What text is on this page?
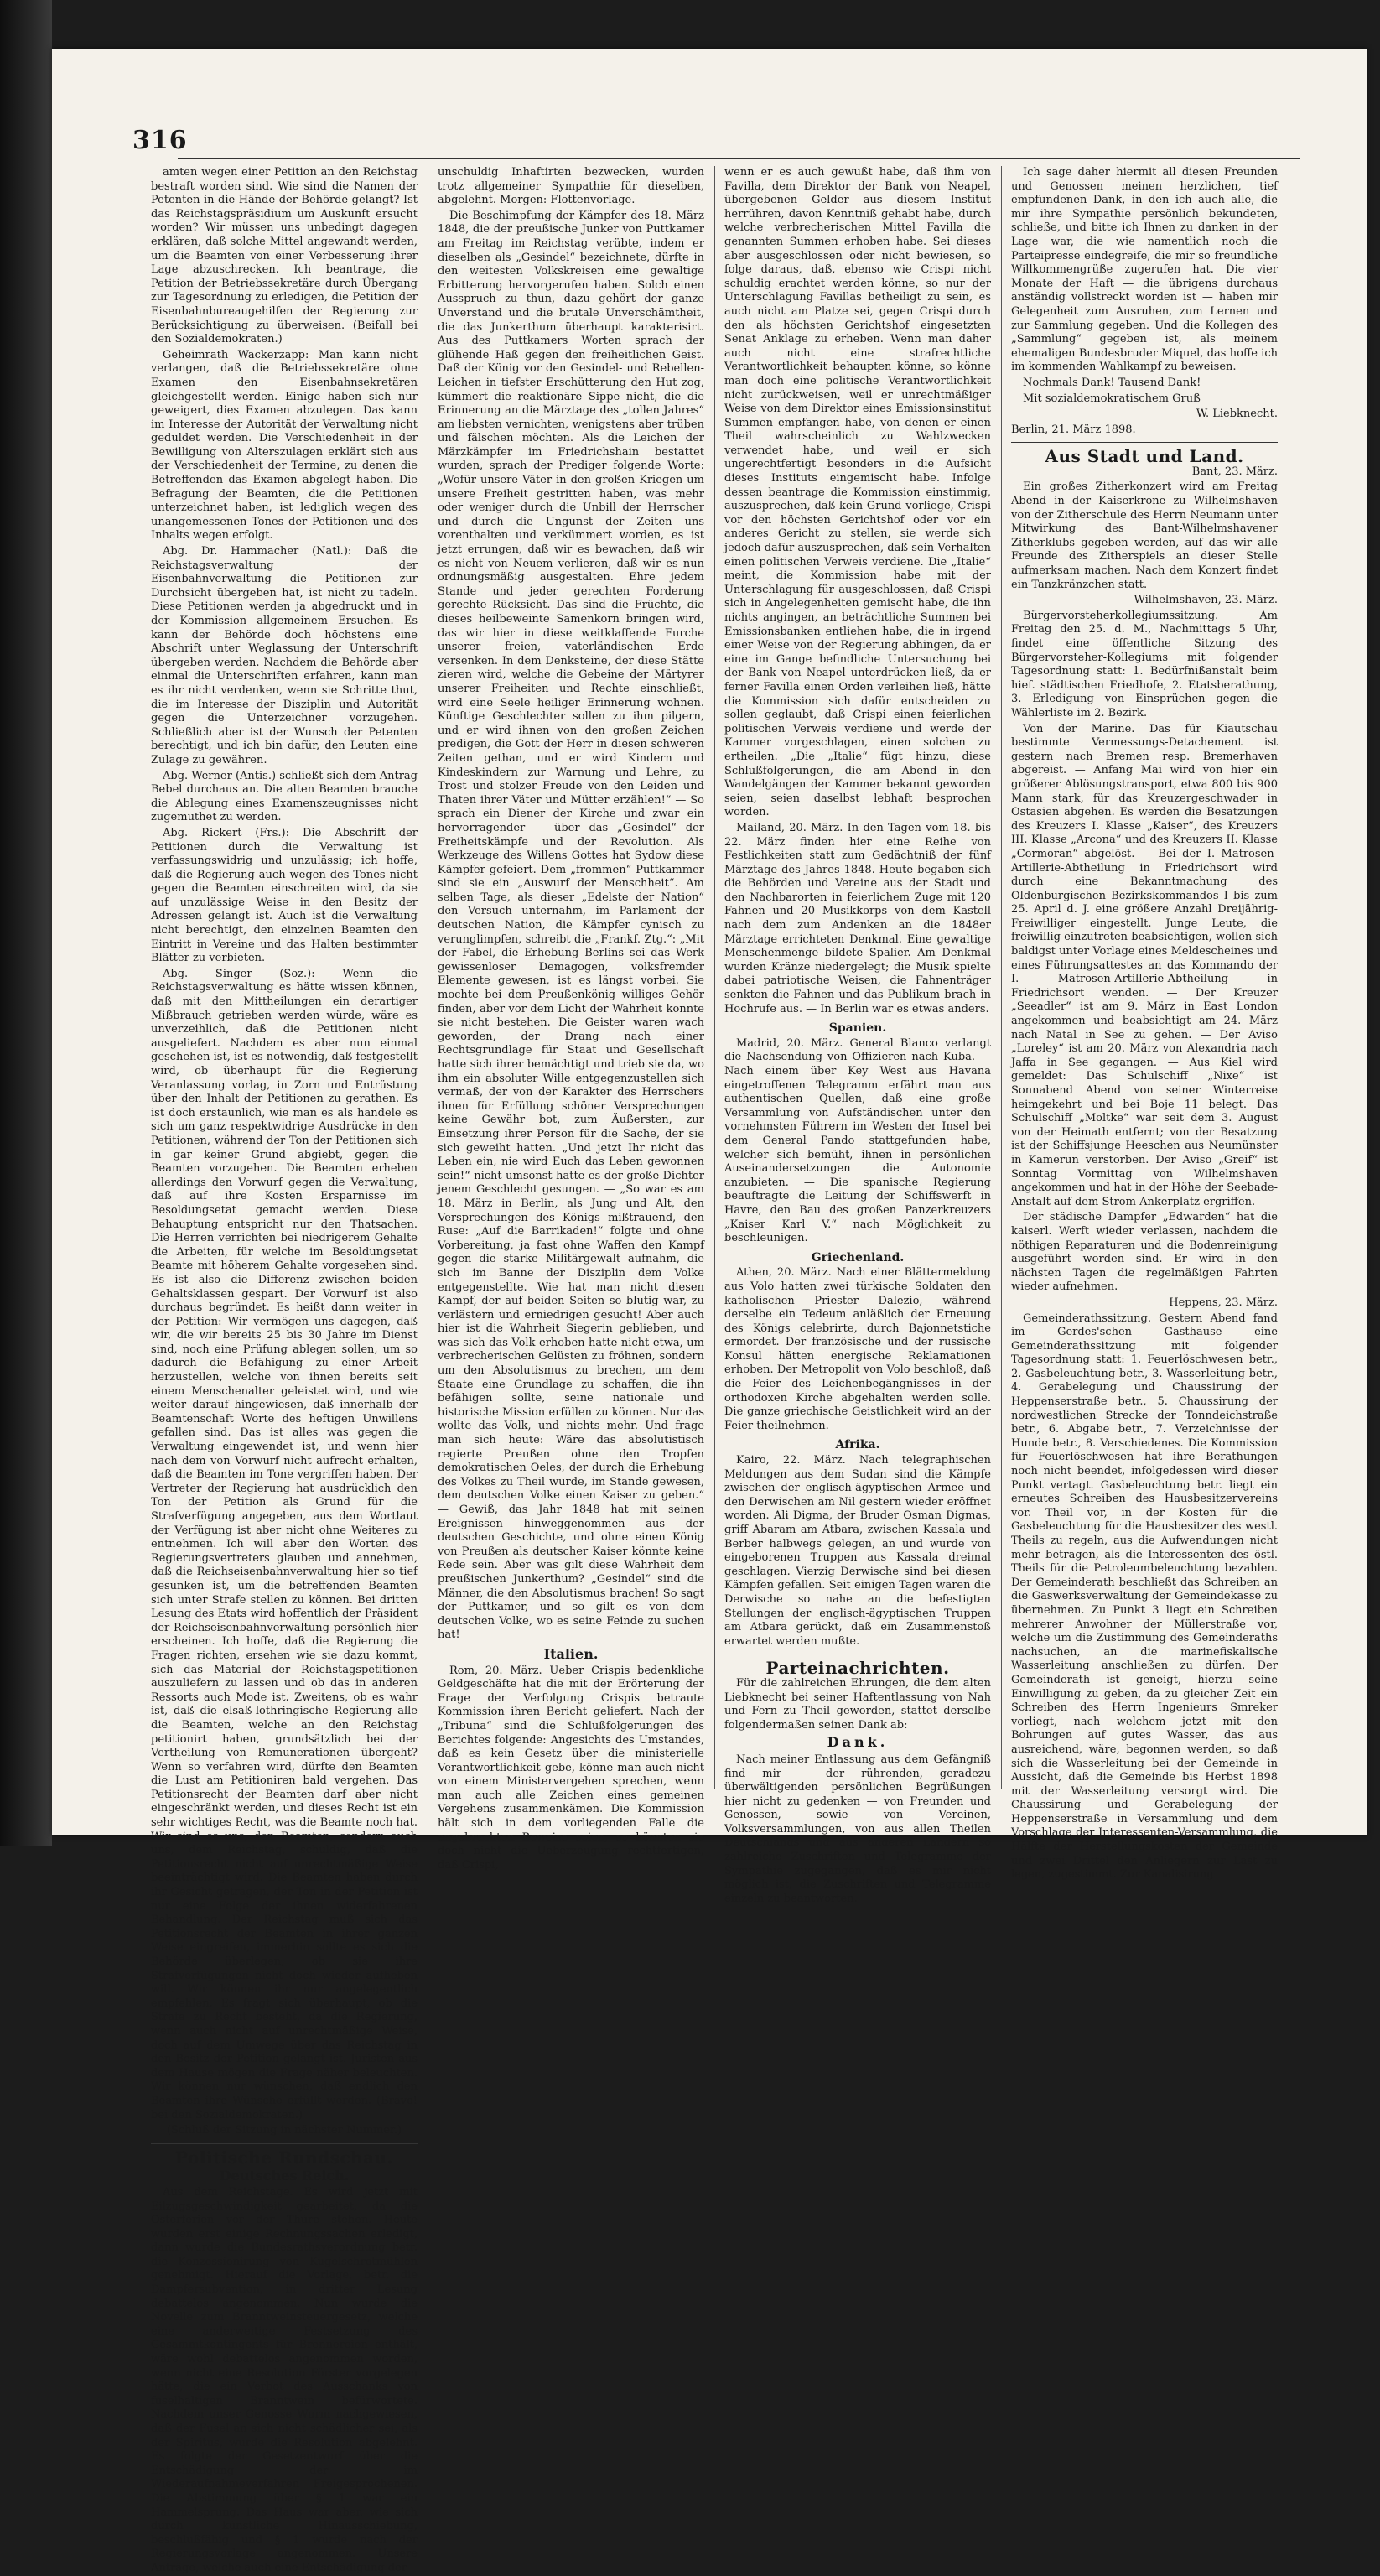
316

amten wegen einer Petition an den Reichstag bestraft worden sind. Wie sind die Namen der Petenten in die Hände der Behörde gelangt? Ist das Reichstagspräsidium um Auskunft ersucht worden? Wir müssen uns unbedingt dagegen erklären, daß solche Mittel angewandt werden, um die Beamten von einer Verbesserung ihrer Lage abzuschrecken. Ich beantrage, die Petition der Betriebssekretäre durch Übergang zur Tagesordnung zu erledigen, die Petition der Eisenbahnbureaugehilfen der Regierung zur Berücksichtigung zu überweisen. (Beifall bei den Sozialdemokraten.)

Geheimrath Wackerzapp: Man kann nicht verlangen, daß die Betriebssekretäre ohne Examen den Eisenbahnsekretären gleichgestellt werden. Einige haben sich nur geweigert, dies Examen abzulegen. Das kann im Interesse der Autorität der Verwaltung nicht geduldet werden. Die Verschiedenheit in der Bewilligung von Alterszulagen erklärt sich aus der Verschiedenheit der Termine, zu denen die Betreffenden das Examen abgelegt haben. Die Befragung der Beamten, die die Petitionen unterzeichnet haben, ist lediglich wegen des unangemessenen Tones der Petitionen und des Inhalts wegen erfolgt.

Abg. Dr. Hammacher (Natl.): Daß die Reichstagsverwaltung der Eisenbahnverwaltung die Petitionen zur Durchsicht übergeben hat, ist nicht zu tadeln. Diese Petitionen werden ja abgedruckt und in der Kommission allgemeinem Ersuchen. Es kann der Behörde doch höchstens eine Abschrift unter Weglassung der Unterschrift übergeben werden. Nachdem die Behörde aber einmal die Unterschriften erfahren, kann man es ihr nicht verdenken, wenn sie Schritte thut, die im Interesse der Disziplin und Autorität gegen die Unterzeichner vorzugehen. Schließlich aber ist der Wunsch der Petenten berechtigt, und ich bin dafür, den Leuten eine Zulage zu gewähren.

Abg. Werner (Antis.) schließt sich dem Antrag Bebel durchaus an. Die alten Beamten brauche die Ablegung eines Examenszeugnisses nicht zugemuthet zu werden.

Abg. Rickert (Frs.): Die Abschrift der Petitionen durch die Verwaltung ist verfassungswidrig und unzulässig; ich hoffe, daß die Regierung auch wegen des Tones nicht gegen die Beamten einschreiten wird, da sie auf unzulässige Weise in den Besitz der Adressen gelangt ist. Auch ist die Verwaltung nicht berechtigt, den einzelnen Beamten den Eintritt in Vereine und das Halten bestimmter Blätter zu verbieten.

Abg. Singer (Soz.): Wenn die Reichstagsverwaltung es hätte wissen können, daß mit den Mittheilungen ein derartiger Mißbrauch getrieben werden würde, wäre es unverzeihlich, daß die Petitionen nicht ausgeliefert. Nachdem es aber nun einmal geschehen ist, ist es notwendig, daß festgestellt wird, ob überhaupt für die Regierung Veranlassung vorlag, in Zorn und Entrüstung über den Inhalt der Petitionen zu gerathen. Es ist doch erstaunlich, wie man es als handele es sich um ganz respektwidrige Ausdrücke in den Petitionen, während der Ton der Petitionen sich in gar keiner Grund abgiebt, gegen die Beamten vorzugehen. Die Beamten erheben allerdings den Vorwurf gegen die Verwaltung, daß auf ihre Kosten Ersparnisse im Besoldungsetat gemacht werden. Diese Behauptung entspricht nur den Thatsachen. Die Herren verrichten bei niedrigerem Gehalte die Arbeiten, für welche im Besoldungsetat Beamte mit höherem Gehalte vorgesehen sind. Es ist also die Differenz zwischen beiden Gehaltsklassen gespart. Der Vorwurf ist also durchaus begründet. Es heißt dann weiter in der Petition: Wir vermögen uns dagegen, daß wir, die wir bereits 25 bis 30 Jahre im Dienst sind, noch eine Prüfung ablegen sollen, um so dadurch die Befähigung zu einer Arbeit herzustellen, welche von ihnen bereits seit einem Menschenalter geleistet wird, und wie weiter darauf hingewiesen, daß innerhalb der Beamtenschaft Worte des heftigen Unwillens gefallen sind. Das ist alles was gegen die Verwaltung eingewendet ist, und wenn hier nach dem von Vorwurf nicht aufrecht erhalten, daß die Beamten im Tone vergriffen haben. Der Vertreter der Regierung hat ausdrücklich den Ton der Petition als Grund für die Strafverfügung angegeben, aus dem Wortlaut der Verfügung ist aber nicht ohne Weiteres zu entnehmen. Ich will aber den Worten des Regierungsvertreters glauben und annehmen, daß die Reichseisenbahnverwaltung hier so tief gesunken ist, um die betreffenden Beamten sich unter Strafe stellen zu können. Bei dritten Lesung des Etats wird hoffentlich der Präsident der Reichseisenbahnverwaltung persönlich hier erscheinen. Ich hoffe, daß die Regierung die Fragen richten, ersehen wie sie dazu kommt, sich das Material der Reichstagspetitionen auszuliefern zu lassen und ob das in anderen Ressorts auch Mode ist. Zweitens, ob es wahr ist, daß die elsaß-lothringische Regierung alle die Beamten, welche an den Reichstag petitionirt haben, grundsätzlich bei der Vertheilung von Remunerationen übergeht? Wenn so verfahren wird, dürfte den Beamten die Lust am Petitioniren bald vergehen. Das Petitionsrecht der Beamten darf aber nicht eingeschränkt werden, und dieses Recht ist ein sehr wichtiges Recht, was die Beamte noch hat. Wir sind es uns, den Beamten, sondern auch uns, dem Reichstag, schuldig, daß die Petitionsrecht nicht auf unrechtmäßige Weise beeinträchtigt wird. Die Beamten haben durch ihr Gesicht getragen, der Ton in der Petition ist nur eine Folge der ihnen widerfahrenen Behandlung. Der Reichstag muß sich das Petitionsrecht der Beamten in ihrer ganzen Weise eingreifen, immerhin sollte es sich die Behörde überlegen, ob sie ihre Strafverfügungen nicht doch wieder aufheben will. Wir können ihr nur angelegentlich empfehlen. Es fragt sich überhaupt, ob die Strafe zu Recht besteht, da die Regierung, wenn auch nicht auf unrechtmäßige Weise, doch auf dem Umwege über das Reichstag in den Besitz der Petition gelangt ist. Juristen aus dem Hause mögen die Frage näher beleuchten. Wir können nur wünschen, daß endlich den Beamten ihre Wünsche erfüllt werden. (Bravo! bei den Sozialdemokraten.)

(Schluß der Sitzung in nächster Nummer.)

Politische Rundschau.
Deutsches Reich.

Aus dem Reichstage. Es wird jetzt mit Eilzugsgeschwindigkeit gearbeitet, da die Osterferien vor der Thüre stehen. Heute wurden erst einige Rechnungssachen erledigt, dann wurde die Bundesrathsverordnung betr. die Konzessionirung von Kugelschrotmühlen genehmigt. Hierauf die Vorlage, betr. die Dampfersubvention, in dritter Lesung debattelos angenommen. Nun wurde die Novelle zum Branntweinsteuergesetz, welche eine anderweitige Festsetzung des Gesammtkontingents für Brennereien enthält, wäre wohl debattelos angenommen worden, wenn nicht eine Resolution Förster vorgelegen hätte, die ein Verbot des Ausschanks von fuselhaltigen Branntwein befürwortete. Nachdem unser Genosse Wurm nachgewiesen, daß der Fusel an sich nicht schädlicher sei, als der Spiritus, wurde die Resolution abgelehnt. Es folgte der Gesetzentwurf über die Entschädigung der im Wiederaufnahmeverfahren Freigesprochenen. Die Abstimmung über § 1 war ein Hammelsprung. Das Haus war aber, wie sich durch künstliche Hinausschiebung, beschlußfähig und § 1 wurde nach der Regierungsvorlage angenommen. Unsere Anträge, welche auch eine Entschädigung der

unschuldig Inhaftirten bezwecken, wurden trotz allgemeiner Sympathie für dieselben, abgelehnt. Morgen: Flottenvorlage.

Die Beschimpfung der Kämpfer des 18. März 1848, die der preußische Junker von Puttkamer am Freitag im Reichstag verübte, indem er dieselben als „Gesindel“ bezeichnete, dürfte in den weitesten Volkskreisen eine gewaltige Erbitterung hervorgerufen haben. Solch einen Ausspruch zu thun, dazu gehört der ganze Unverstand und die brutale Unverschämtheit, die das Junkerthum überhaupt karakterisirt. Aus des Puttkamers Worten sprach der glühende Haß gegen den freiheitlichen Geist. Daß der König vor den Gesindel- und Rebellen-Leichen in tiefster Erschütterung den Hut zog, kümmert die reaktionäre Sippe nicht, die die Erinnerung an die Märztage des „tollen Jahres“ am liebsten vernichten, wenigstens aber trüben und fälschen möchten. Als die Leichen der Märzkämpfer im Friedrichshain bestattet wurden, sprach der Prediger folgende Worte: „Wofür unsere Väter in den großen Kriegen um unsere Freiheit gestritten haben, was mehr oder weniger durch die Unbill der Herrscher und durch die Ungunst der Zeiten uns vorenthalten und verkümmert worden, es ist jetzt errungen, daß wir es bewachen, daß wir es nicht von Neuem verlieren, daß wir es nun ordnungsmäßig ausgestalten. Ehre jedem Stande und jeder gerechten Forderung gerechte Rücksicht. Das sind die Früchte, die dieses heilbeweinte Samenkorn bringen wird, das wir hier in diese weitklaffende Furche unserer freien, vaterländischen Erde versenken. In dem Denksteine, der diese Stätte zieren wird, welche die Gebeine der Märtyrer unserer Freiheiten und Rechte einschließt, wird eine Seele heiliger Erinnerung wohnen. Künftige Geschlechter sollen zu ihm pilgern, und er wird ihnen von den großen Zeichen predigen, die Gott der Herr in diesen schweren Zeiten gethan, und er wird Kindern und Kindeskindern zur Warnung und Lehre, zu Trost und stolzer Freude von den Leiden und Thaten ihrer Väter und Mütter erzählen!“ — So sprach ein Diener der Kirche und zwar ein hervorragender — über das „Gesindel“ der Freiheitskämpfe und der Revolution. Als Werkzeuge des Willens Gottes hat Sydow diese Kämpfer gefeiert. Dem „frommen“ Puttkammer sind sie ein „Auswurf der Menschheit“. Am selben Tage, als dieser „Edelste der Nation“ den Versuch unternahm, im Parlament der deutschen Nation, die Kämpfer cynisch zu verunglimpfen, schreibt die „Frankf. Ztg.“: „Mit der Fabel, die Erhebung Berlins sei das Werk gewissenloser Demagogen, volksfremder Elemente gewesen, ist es längst vorbei. Sie mochte bei dem Preußenkönig williges Gehör finden, aber vor dem Licht der Wahrheit konnte sie nicht bestehen. Die Geister waren wach geworden, der Drang nach einer Rechtsgrundlage für Staat und Gesellschaft hatte sich ihrer bemächtigt und trieb sie da, wo ihm ein absoluter Wille entgegenzustellen sich vermaß, der von der Karakter des Herrschers ihnen für Erfüllung schöner Versprechungen keine Gewähr bot, zum Äußersten, zur Einsetzung ihrer Person für die Sache, der sie sich geweiht hatten. „Und jetzt Ihr nicht das Leben ein, nie wird Euch das Leben gewonnen sein!“ nicht umsonst hatte es der große Dichter jenem Geschlecht gesungen. — „So war es am 18. März in Berlin, als Jung und Alt, den Versprechungen des Königs mißtrauend, den Ruse: „Auf die Barrikaden!“ folgte und ohne Vorbereitung, ja fast ohne Waffen den Kampf gegen die starke Militärgewalt aufnahm, die sich im Banne der Disziplin dem Volke entgegenstellte. Wie hat man nicht diesen Kampf, der auf beiden Seiten so blutig war, zu verlästern und erniedrigen gesucht! Aber auch hier ist die Wahrheit Siegerin geblieben, und was sich das Volk erhoben hatte nicht etwa, um verbrecherischen Gelüsten zu fröhnen, sondern um den Absolutismus zu brechen, um dem Staate eine Grundlage zu schaffen, die ihn befähigen sollte, seine nationale und historische Mission erfüllen zu können. Nur das wollte das Volk, und nichts mehr. Und frage man sich heute: Wäre das absolutistisch regierte Preußen ohne den Tropfen demokratischen Oeles, der durch die Erhebung des Volkes zu Theil wurde, im Stande gewesen, dem deutschen Volke einen Kaiser zu geben.“ — Gewiß, das Jahr 1848 hat mit seinen Ereignissen hinweggenommen aus der deutschen Geschichte, und ohne einen König von Preußen als deutscher Kaiser könnte keine Rede sein. Aber was gilt diese Wahrheit dem preußischen Junkerthum? „Gesindel“ sind die Männer, die den Absolutismus brachen! So sagt der Puttkamer, und so gilt es von dem deutschen Volke, wo es seine Feinde zu suchen hat!

Italien.

Rom, 20. März. Ueber Crispis bedenkliche Geldgeschäfte hat die mit der Erörterung der Frage der Verfolgung Crispis betraute Kommission ihren Bericht geliefert. Nach der „Tribuna“ sind die Schlußfolgerungen des Berichtes folgende: Angesichts des Umstandes, daß es kein Gesetz über die ministerielle Verantwortlichkeit gebe, könne man auch nicht von einem Ministervergehen sprechen, wenn man auch alle Zeichen eines gemeinen Vergehens zusammenkämen. Die Kommission hält sich in dem vorliegenden Falle die angebrachten Beweise seien, so könnten sie doch nicht die Ueberzeugung rechtfertigen, daß Crispi,

wenn er es auch gewußt habe, daß ihm von Favilla, dem Direktor der Bank von Neapel, übergebenen Gelder aus diesem Institut herrühren, davon Kenntniß gehabt habe, durch welche verbrecherischen Mittel Favilla die genannten Summen erhoben habe. Sei dieses aber ausgeschlossen oder nicht bewiesen, so folge daraus, daß, ebenso wie Crispi nicht schuldig erachtet werden könne, so nur der Unterschlagung Favillas betheiligt zu sein, es auch nicht am Platze sei, gegen Crispi durch den als höchsten Gerichtshof eingesetzten Senat Anklage zu erheben. Wenn man daher auch nicht eine strafrechtliche Verantwortlichkeit behaupten könne, so könne man doch eine politische Verantwortlichkeit nicht zurückweisen, weil er unrechtmäßiger Weise von dem Direktor eines Emissionsinstitut Summen empfangen habe, von denen er einen Theil wahrscheinlich zu Wahlzwecken verwendet habe, und weil er sich ungerechtfertigt besonders in die Aufsicht dieses Instituts eingemischt habe. Infolge dessen beantrage die Kommission einstimmig, auszusprechen, daß kein Grund vorliege, Crispi vor den höchsten Gerichtshof oder vor ein anderes Gericht zu stellen, sie werde sich jedoch dafür auszusprechen, daß sein Verhalten einen politischen Verweis verdiene. Die „Italie“ meint, die Kommission habe mit der Unterschlagung für ausgeschlossen, daß Crispi sich in Angelegenheiten gemischt habe, die ihn nichts angingen, an beträchtliche Summen bei Emissionsbanken entliehen habe, die in irgend einer Weise von der Regierung abhingen, da er eine im Gange befindliche Untersuchung bei der Bank von Neapel unterdrücken ließ, da er ferner Favilla einen Orden verleihen ließ, hätte die Kommission sich dafür entscheiden zu sollen geglaubt, daß Crispi einen feierlichen politischen Verweis verdiene und werde der Kammer vorgeschlagen, einen solchen zu ertheilen. „Die „Italie“ fügt hinzu, diese Schlußfolgerungen, die am Abend in den Wandelgängen der Kammer bekannt geworden seien, seien daselbst lebhaft besprochen worden.

Mailand, 20. März. In den Tagen vom 18. bis 22. März finden hier eine Reihe von Festlichkeiten statt zum Gedächtniß der fünf Märztage des Jahres 1848. Heute begaben sich die Behörden und Vereine aus der Stadt und den Nachbarorten in feierlichem Zuge mit 120 Fahnen und 20 Musikkorps von dem Kastell nach dem zum Andenken an die 1848er Märztage errichteten Denkmal. Eine gewaltige Menschenmenge bildete Spalier. Am Denkmal wurden Kränze niedergelegt; die Musik spielte dabei patriotische Weisen, die Fahnenträger senkten die Fahnen und das Publikum brach in Hochrufe aus. — In Berlin war es etwas anders.

Spanien.

Madrid, 20. März. General Blanco verlangt die Nachsendung von Offizieren nach Kuba. — Nach einem über Key West aus Havana eingetroffenen Telegramm erfährt man aus authentischen Quellen, daß eine große Versammlung von Aufständischen unter den vornehmsten Führern im Westen der Insel bei dem General Pando stattgefunden habe, welcher sich bemüht, ihnen in persönlichen Auseinandersetzungen die Autonomie anzubieten. — Die spanische Regierung beauftragte die Leitung der Schiffswerft in Havre, den Bau des großen Panzerkreuzers „Kaiser Karl V.“ nach Möglichkeit zu beschleunigen.

Griechenland.

Athen, 20. März. Nach einer Blättermeldung aus Volo hatten zwei türkische Soldaten den katholischen Priester Dalezio, während derselbe ein Tedeum anläßlich der Erneuung des Königs celebrirte, durch Bajonnetstiche ermordet. Der französische und der russische Konsul hätten energische Reklamationen erhoben. Der Metropolit von Volo beschloß, daß die Feier des Leichenbegängnisses in der orthodoxen Kirche abgehalten werden solle. Die ganze griechische Geistlichkeit wird an der Feier theilnehmen.

Afrika.

Kairo, 22. März. Nach telegraphischen Meldungen aus dem Sudan sind die Kämpfe zwischen der englisch-ägyptischen Armee und den Derwischen am Nil gestern wieder eröffnet worden. Ali Digma, der Bruder Osman Digmas, griff Abaram am Atbara, zwischen Kassala und Berber halbwegs gelegen, an und wurde von eingeborenen Truppen aus Kassala dreimal geschlagen. Vierzig Derwische sind bei diesen Kämpfen gefallen. Seit einigen Tagen waren die Derwische so nahe an die befestigten Stellungen der englisch-ägyptischen Truppen am Atbara gerückt, daß ein Zusammenstoß erwartet werden mußte.

Parteinachrichten.

Für die zahlreichen Ehrungen, die dem alten Liebknecht bei seiner Haftentlassung von Nah und Fern zu Theil geworden, stattet derselbe folgendermaßen seinen Dank ab:

Dank.

Nach meiner Entlassung aus dem Gefängniß find mir — der rührenden, geradezu überwältigenden persönlichen Begrüßungen hier nicht zu gedenken — von Freunden und Genossen, sowie von Vereinen, Volksversammlungen, von aus allen Theilen Deutschlands und aus anderen Ländern so zahlreiche Zuschriften und Telegramme der Sympathie zugegangen, daß es mir nicht möglich ist, die Zuschriften und Telegramme einzeln zu beantworten.

Ich sage daher hiermit all diesen Freunden und Genossen meinen herzlichen, tief empfundenen Dank, in den ich auch alle, die mir ihre Sympathie persönlich bekundeten, schließe, und bitte ich Ihnen zu danken in der Lage war, die wie namentlich noch die Parteipresse eindegreife, die mir so freundliche Willkommengrüße zugerufen hat. Die vier Monate der Haft — die übrigens durchaus anständig vollstreckt worden ist — haben mir Gelegenheit zum Ausruhen, zum Lernen und zur Sammlung gegeben. Und die Kollegen des „Sammlung“ gegeben ist, als meinem ehemaligen Bundesbruder Miquel, das hoffe ich im kommenden Wahlkampf zu beweisen.

Nochmals Dank! Tausend Dank!

Mit sozialdemokratischem Gruß

W. Liebknecht.

Berlin, 21. März 1898.

Aus Stadt und Land.

Bant, 23. März.

Ein großes Zitherkonzert wird am Freitag Abend in der Kaiserkrone zu Wilhelmshaven von der Zitherschule des Herrn Neumann unter Mitwirkung des Bant-Wilhelmshavener Zitherklubs gegeben werden, auf das wir alle Freunde des Zitherspiels an dieser Stelle aufmerksam machen. Nach dem Konzert findet ein Tanzkränzchen statt.

Wilhelmshaven, 23. März.

Bürgervorsteherkollegiumssitzung. Am Freitag den 25. d. M., Nachmittags 5 Uhr, findet eine öffentliche Sitzung des Bürgervorsteher-Kollegiums mit folgender Tagesordnung statt: 1. Bedürfnißanstalt beim hief. städtischen Friedhofe, 2. Etatsberathung, 3. Erledigung von Einsprüchen gegen die Wählerliste im 2. Bezirk.

Von der Marine. Das für Kiautschau bestimmte Vermessungs-Detachement ist gestern nach Bremen resp. Bremerhaven abgereist. — Anfang Mai wird von hier ein größerer Ablösungstransport, etwa 800 bis 900 Mann stark, für das Kreuzergeschwader in Ostasien abgehen. Es werden die Besatzungen des Kreuzers I. Klasse „Kaiser“, des Kreuzers III. Klasse „Arcona“ und des Kreuzers II. Klasse „Cormoran“ abgelöst. — Bei der I. Matrosen-Artillerie-Abtheilung in Friedrichsort wird durch eine Bekanntmachung des Oldenburgischen Bezirkskommandos I bis zum 25. April d. J. eine größere Anzahl Dreijährig-Freiwilliger eingestellt. Junge Leute, die freiwillig einzutreten beabsichtigen, wollen sich baldigst unter Vorlage eines Meldescheines und eines Führungsattestes an das Kommando der I. Matrosen-Artillerie-Abtheilung in Friedrichsort wenden. — Der Kreuzer „Seeadler“ ist am 9. März in East London angekommen und beabsichtigt am 24. März nach Natal in See zu gehen. — Der Aviso „Loreley“ ist am 20. März von Alexandria nach Jaffa in See gegangen. — Aus Kiel wird gemeldet: Das Schulschiff „Nixe“ ist Sonnabend Abend von seiner Winterreise heimgekehrt und bei Boje 11 belegt. Das Schulschiff „Moltke“ war seit dem 3. August von der Heimath entfernt; von der Besatzung ist der Schiffsjunge Heeschen aus Neumünster in Kamerun verstorben. Der Aviso „Greif“ ist Sonntag Vormittag von Wilhelmshaven angekommen und hat in der Höhe der Seebade-Anstalt auf dem Strom Ankerplatz ergriffen.

Der städische Dampfer „Edwarden“ hat die kaiserl. Werft wieder verlassen, nachdem die nöthigen Reparaturen und die Bodenreinigung ausgeführt worden sind. Er wird in den nächsten Tagen die regelmäßigen Fahrten wieder aufnehmen.

Heppens, 23. März.

Gemeinderathssitzung. Gestern Abend fand im Gerdes'schen Gasthause eine Gemeinderathssitzung mit folgender Tagesordnung statt: 1. Feuerlöschwesen betr., 2. Gasbeleuchtung betr., 3. Wasserleitung betr., 4. Gerabelegung und Chaussirung der Heppenserstraße betr., 5. Chaussirung der nordwestlichen Strecke der Tonndeichstraße betr., 6. Abgabe betr., 7. Verzeichnisse der Hunde betr., 8. Verschiedenes. Die Kommission für Feuerlöschwesen hat ihre Berathungen noch nicht beendet, infolgedessen wird dieser Punkt vertagt. Gasbeleuchtung betr. liegt ein erneutes Schreiben des Hausbesitzervereins vor. Theil vor, in der Kosten für die Gasbeleuchtung für die Hausbesitzer des westl. Theils zu regeln, aus die Aufwendungen nicht mehr betragen, als die Interessenten des östl. Theils für die Petroleumbeleuchtung bezahlen. Der Gemeinderath beschließt das Schreiben an die Gaswerksverwaltung der Gemeindekasse zu übernehmen. Zu Punkt 3 liegt ein Schreiben mehrerer Anwohner der Müllerstraße vor, welche um die Zustimmung des Gemeinderaths nachsuchen, an die marinefiskalische Wasserleitung anschließen zu dürfen. Der Gemeinderath ist geneigt, hierzu seine Einwilligung zu geben, da zu gleicher Zeit ein Schreiben des Herrn Ingenieurs Smreker vorliegt, nach welchem jetzt mit den Bohrungen auf gutes Wasser, das aus ausreichend, wäre, begonnen werden, so daß sich die Wasserleitung bei der Gemeinde in Aussicht, daß die Gemeinde bis Herbst 1898 mit der Wasserleitung versorgt wird. Die Chaussirung und Gerabelegung der Heppenserstraße in Versammlung und dem Vorschlage der Interessenten-Versammlung, die Hälfte der Herstellungskosten der Gemeinde und zwei Drittel den Anliegern zur Last zu legen, zugestimmt. Zur Kanalisirung
